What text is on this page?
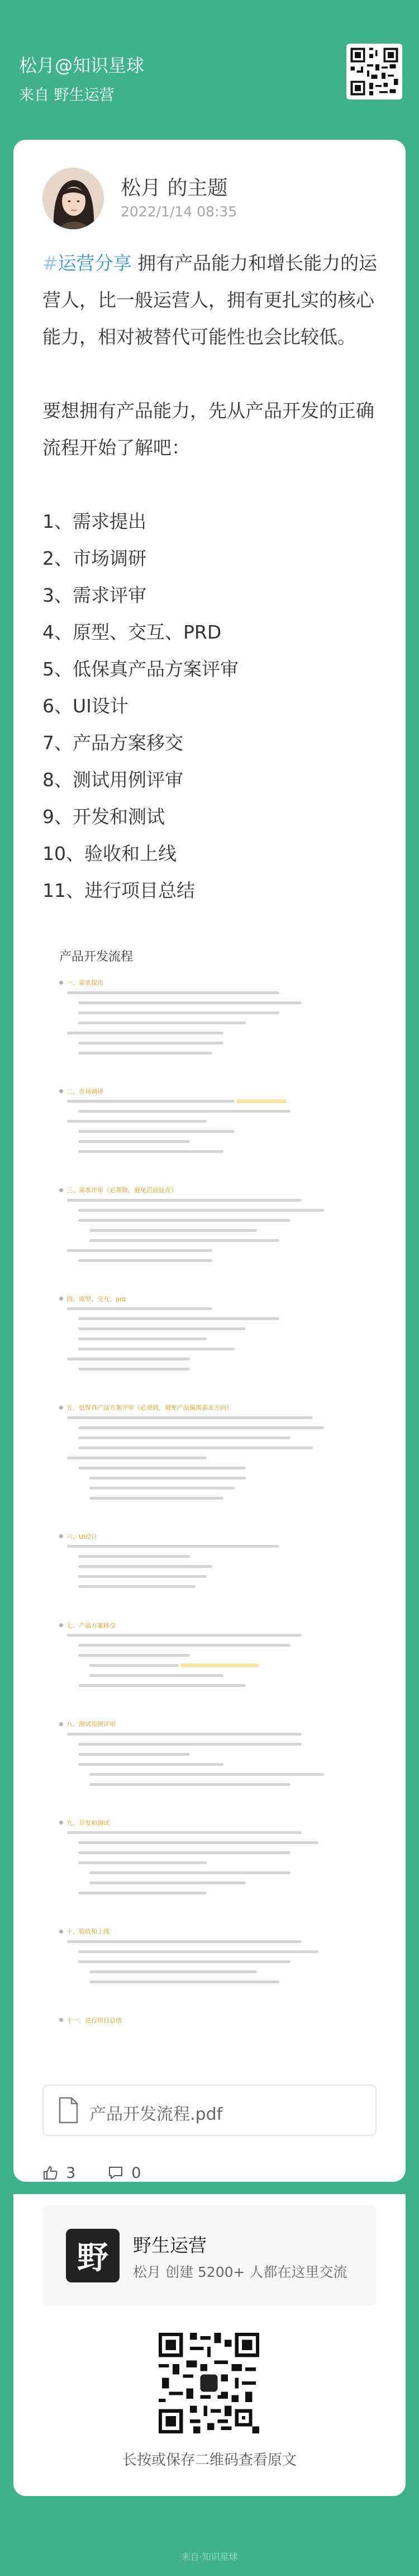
松月@知识星球
来自 野生运营
松月 的主题
2022/1/14 08:35

#运营分享 拥有产品能力和增长能力的运营人，比一般运营人，拥有更扎实的核心能力，相对被替代可能性也会比较低。

要想拥有产品能力，先从产品开发的正确流程开始了解吧：

1、需求提出

2、市场调研

3、需求评审

4、原型、交互、PRD

5、低保真产品方案评审

6、UI设计

7、产品方案移交

8、测试用例评审

9、开发和测试

10、验收和上线

11、进行项目总结

产品开发流程
一、需求提出
二、市场调研
三、需求评审（必须做，避免后面扯皮）
四、原型、交互、prd
五、低保真产品方案评审（必须做，避免产品偏离需求方向）
六、UI设计
七、产品方案移交
八、测试用例评审
九、开发和测试
十、验收和上线
十一、进行项目总结
产品开发流程.pdf
3	0
野	野生运营
松月 创建 5200+ 人都在这里交流
长按或保存二维码查看原文
来自·知识星球
